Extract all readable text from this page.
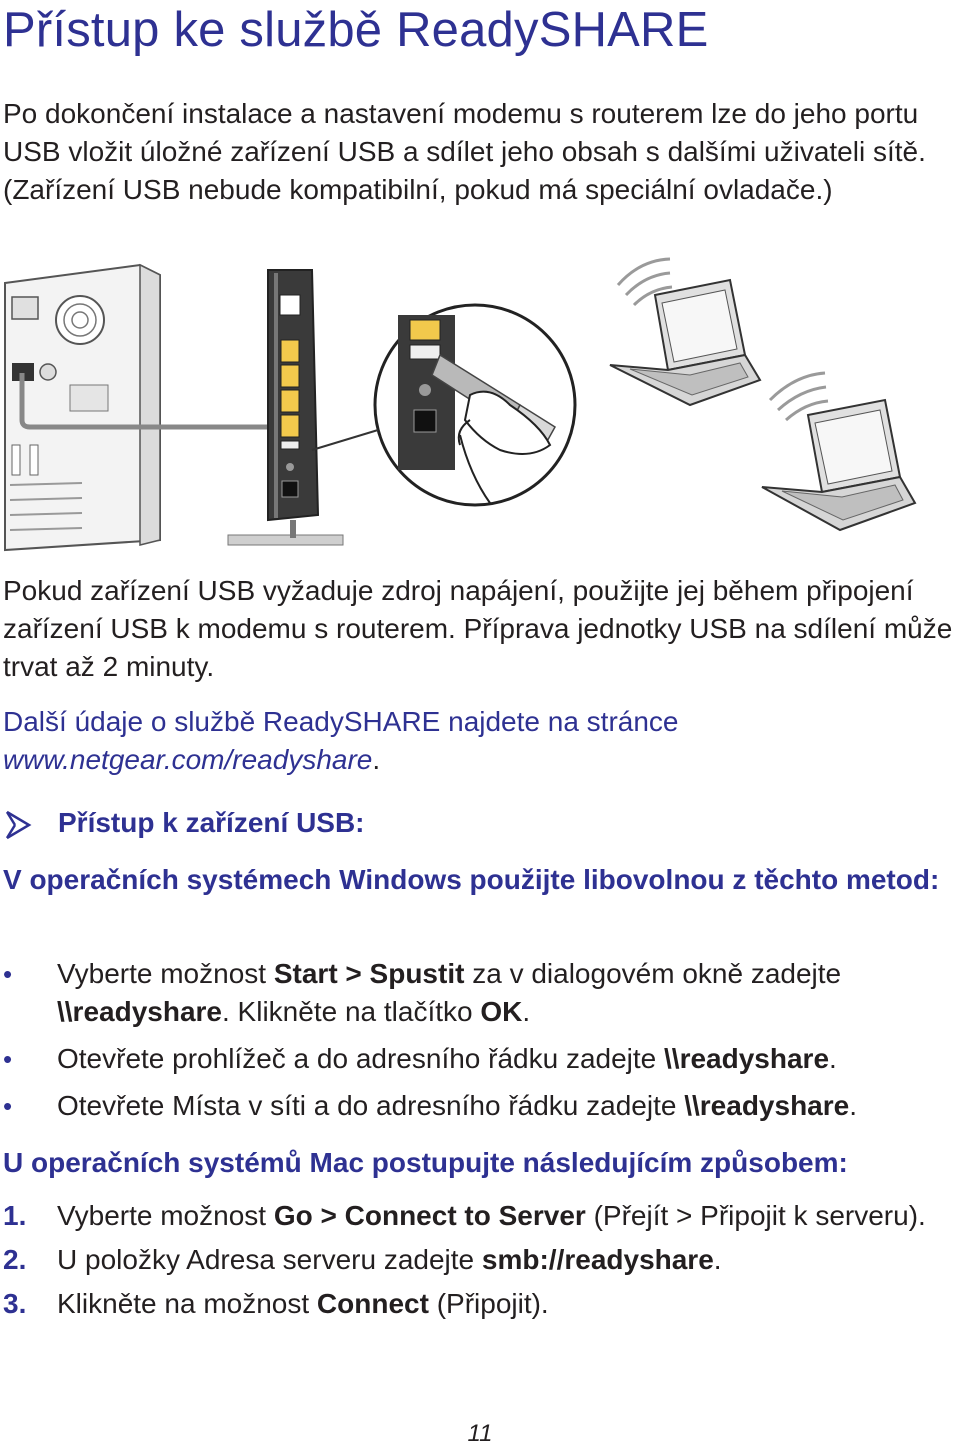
Přístup ke službě ReadySHARE

Po dokončení instalace a nastavení modemu s routerem lze do jeho portu USB vložit úložné zařízení USB a sdílet jeho obsah s dalšími uživateli sítě. (Zařízení USB nebude kompatibilní, pokud má speciální ovladače.)

Pokud zařízení USB vyžaduje zdroj napájení, použijte jej během připojení zařízení USB k modemu s routerem. Příprava jednotky USB na sdílení může trvat až 2 minuty.

Další údaje o službě ReadySHARE najdete na stránce www.netgear.com/readyshare.

Přístup k zařízení USB:
V operačních systémech Windows použijte libovolnou z těchto metod:
• Vyberte možnost Start > Spustit za v dialogovém okně zadejte \\readyshare. Klikněte na tlačítko OK.
• Otevřete prohlížeč a do adresního řádku zadejte \\readyshare.
• Otevřete Místa v síti a do adresního řádku zadejte \\readyshare.
U operačních systémů Mac postupujte následujícím způsobem:
1. Vyberte možnost Go > Connect to Server (Přejít > Připojit k serveru).
2. U položky Adresa serveru zadejte smb://readyshare.
3. Klikněte na možnost Connect (Připojit).
11
